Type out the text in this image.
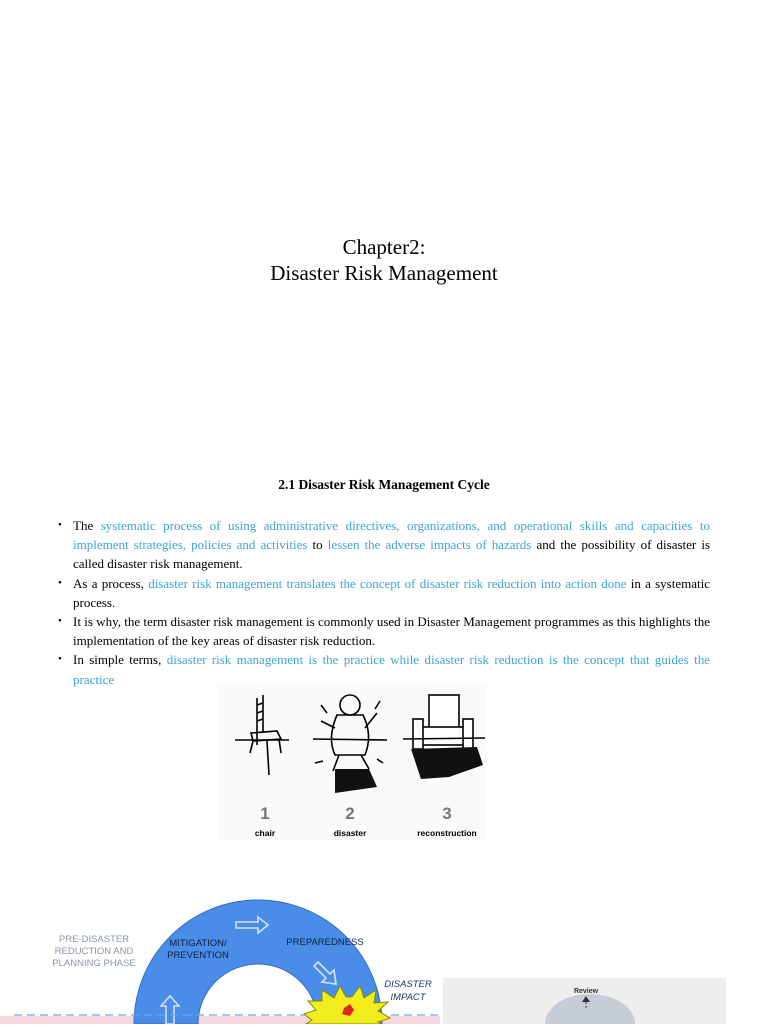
Chapter2:
Disaster Risk Management
2.1 Disaster Risk Management Cycle
• The systematic process of using administrative directives, organizations, and operational skills and capacities to implement strategies, policies and activities to lessen the adverse impacts of hazards and the possibility of disaster is called disaster risk management.
• As a process, disaster risk management translates the concept of disaster risk reduction into action done in a systematic process.
• It is why, the term disaster risk management is commonly used in Disaster Management programmes as this highlights the implementation of the key areas of disaster risk reduction.
• In simple terms, disaster risk management is the practice while disaster risk reduction is the concept that guides the practice
1	2	3
chair	disaster	reconstruction
Review
PRE-DISASTER
REDUCTION AND
PLANNING PHASE
MITIGATION/
PREVENTION
PREPAREDNESS
DISASTER
IMPACT
